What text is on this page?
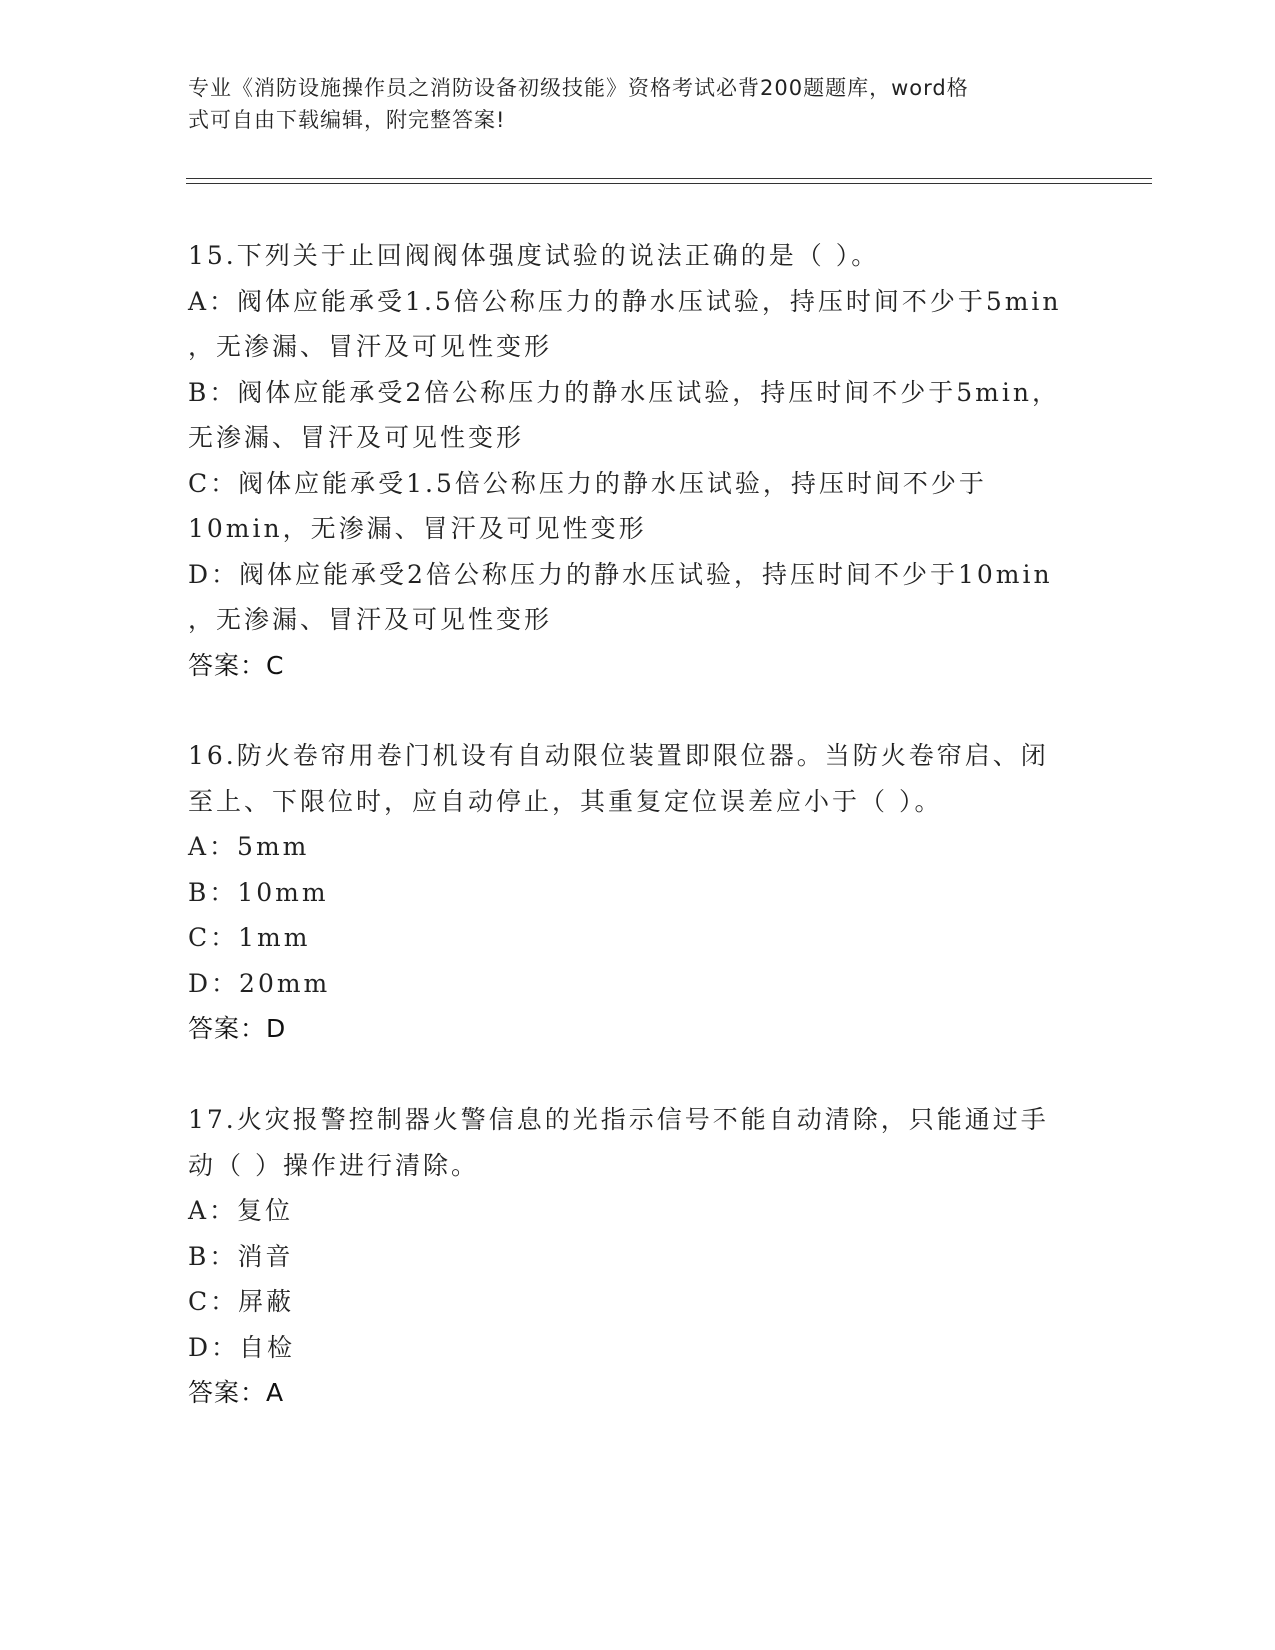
专业《消防设施操作员之消防设备初级技能》资格考试必背200题题库，word格
式可自由下载编辑，附完整答案!
15.下列关于止回阀阀体强度试验的说法正确的是（ ）。
A：阀体应能承受1.5倍公称压力的静水压试验，持压时间不少于5min
，无渗漏、冒汗及可见性变形
B：阀体应能承受2倍公称压力的静水压试验，持压时间不少于5min，
无渗漏、冒汗及可见性变形
C：阀体应能承受1.5倍公称压力的静水压试验，持压时间不少于
10min，无渗漏、冒汗及可见性变形
D：阀体应能承受2倍公称压力的静水压试验，持压时间不少于10min
，无渗漏、冒汗及可见性变形
答案：C
16.防火卷帘用卷门机设有自动限位装置即限位器。当防火卷帘启、闭
至上、下限位时，应自动停止，其重复定位误差应小于（ ）。
A：5mm
B：10mm
C：1mm
D：20mm
答案：D
17.火灾报警控制器火警信息的光指示信号不能自动清除，只能通过手
动（ ）操作进行清除。
A：复位
B：消音
C：屏蔽
D：自检
答案：A
